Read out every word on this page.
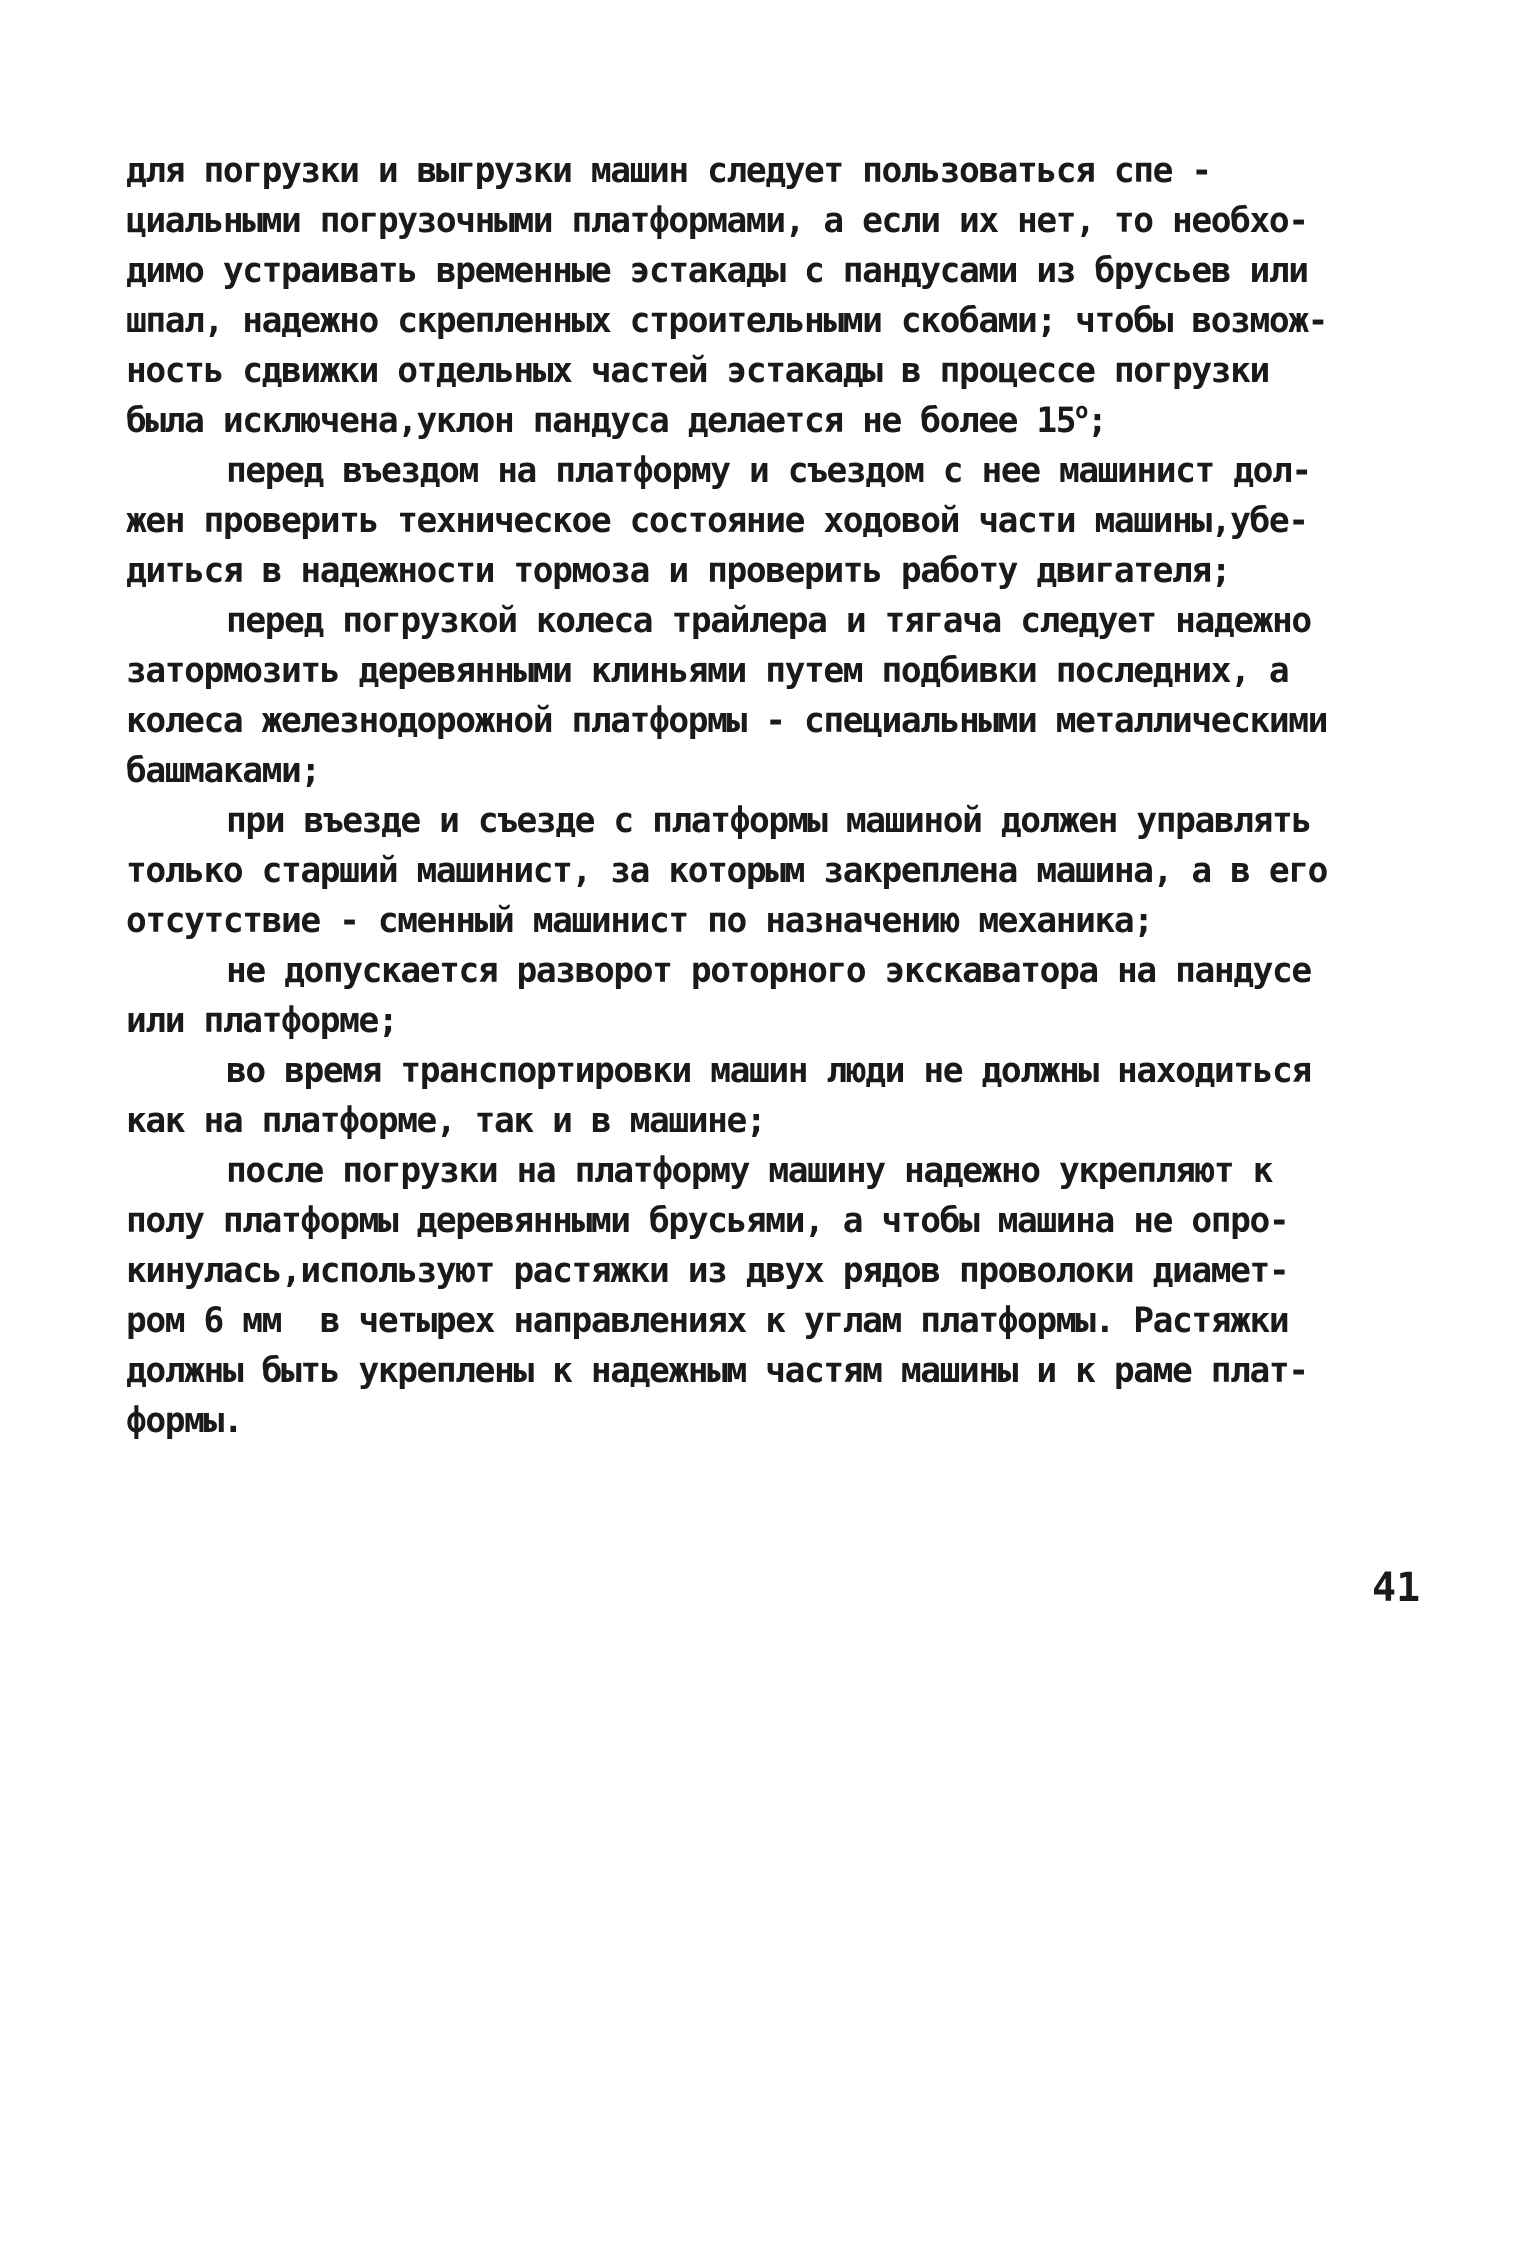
для погрузки и выгрузки машин следует пользоваться спе -
циальными погрузочными платформами, а если их нет, то необхо-
димо устраивать временные эстакады с пандусами из брусьев или
шпал, надежно скрепленных строительными скобами; чтобы возмож-
ность сдвижки отдельных частей эстакады в процессе погрузки
была исключена,уклон пандуса делается не более $15^о$;
перед въездом на платформу и съездом с нее машинист дол-
жен проверить техническое состояние ходовой части машины,убе-
диться в надежности тормоза и проверить работу двигателя;
перед погрузкой колеса трайлера и тягача следует надежно
затормозить деревянными клиньями путем подбивки последних, а
колеса железнодорожной платформы - специальными металлическими
башмаками;
при въезде и съезде с платформы машиной должен управлять
только старший машинист, за которым закреплена машина, а в его
отсутствие - сменный машинист по назначению механика;
не допускается разворот роторного экскаватора на пандусе
или платформе;
во время транспортировки машин люди не должны находиться
как на платформе, так и в машине;
после погрузки на платформу машину надежно укрепляют к
полу платформы деревянными брусьями, а чтобы машина не опро-
кинулась,используют растяжки из двух рядов проволоки диамет-
ром 6 мм  в четырех направлениях к углам платформы. Растяжки
должны быть укреплены к надежным частям машины и к раме плат-
формы.
41
